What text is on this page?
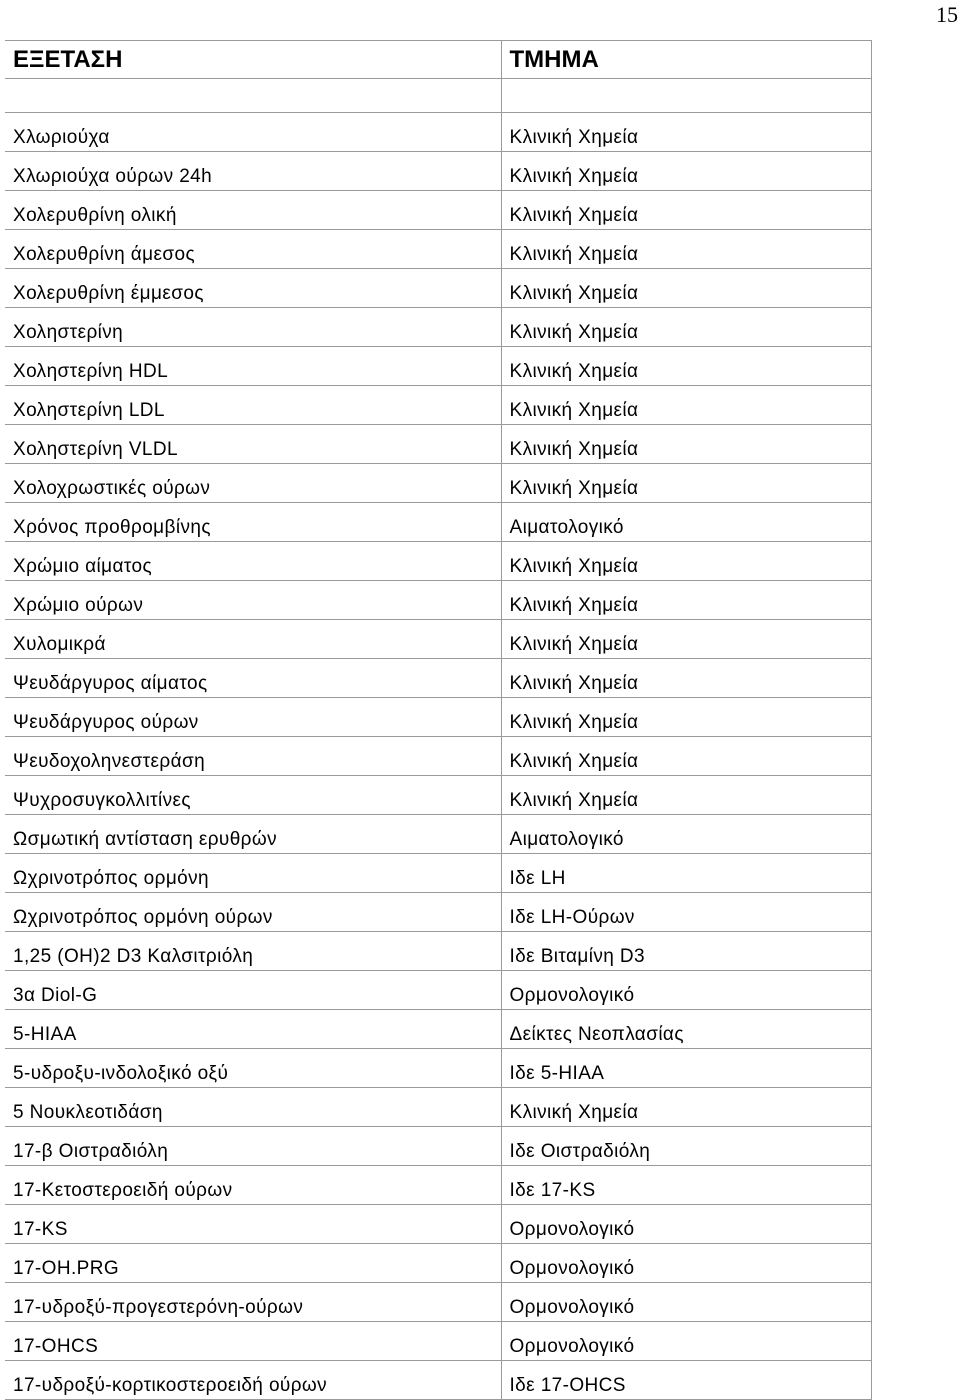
15
ΕΞΕΤΑΣΗ	ΤΜΗΜΑ

Χλωριούχα	Κλινική Χημεία
Χλωριούχα ούρων 24h	Κλινική Χημεία
Χολερυθρίνη ολική	Κλινική Χημεία
Χολερυθρίνη άμεσος	Κλινική Χημεία
Χολερυθρίνη έμμεσος	Κλινική Χημεία
Χοληστερίνη	Κλινική Χημεία
Χοληστερίνη HDL	Κλινική Χημεία
Χοληστερίνη LDL	Κλινική Χημεία
Χοληστερίνη VLDL	Κλινική Χημεία
Χολοχρωστικές ούρων	Κλινική Χημεία
Χρόνος προθρομβίνης	Αιματολογικό
Χρώμιο αίματος	Κλινική Χημεία
Χρώμιο ούρων	Κλινική Χημεία
Χυλομικρά	Κλινική Χημεία
Ψευδάργυρος αίματος	Κλινική Χημεία
Ψευδάργυρος ούρων	Κλινική Χημεία
Ψευδοχοληνεστεράση	Κλινική Χημεία
Ψυχροσυγκολλιτίνες	Κλινική Χημεία
Ωσμωτική αντίσταση ερυθρών	Αιματολογικό
Ωχρινοτρόπος ορμόνη	Ιδε LH
Ωχρινοτρόπος ορμόνη ούρων	Ιδε LH-Ούρων
1,25 (OH)2 D3 Καλσιτριόλη	Ιδε Βιταμίνη D3
3α Diol-G	Ορμονολογικό
5-HIAA	Δείκτες Νεοπλασίας
5-υδροξυ-ινδολοξικό οξύ	Ιδε 5-HIAA
5 Νουκλεοτιδάση	Κλινική Χημεία
17-β Οιστραδιόλη	Ιδε Οιστραδιόλη
17-Κετοστεροειδή ούρων	Ιδε 17-KS
17-KS	Ορμονολογικό
17-OH.PRG	Ορμονολογικό
17-υδροξύ-προγεστερόνη-ούρων	Ορμονολογικό
17-OHCS	Ορμονολογικό
17-υδροξύ-κορτικοστεροειδή ούρων	Ιδε 17-OHCS
